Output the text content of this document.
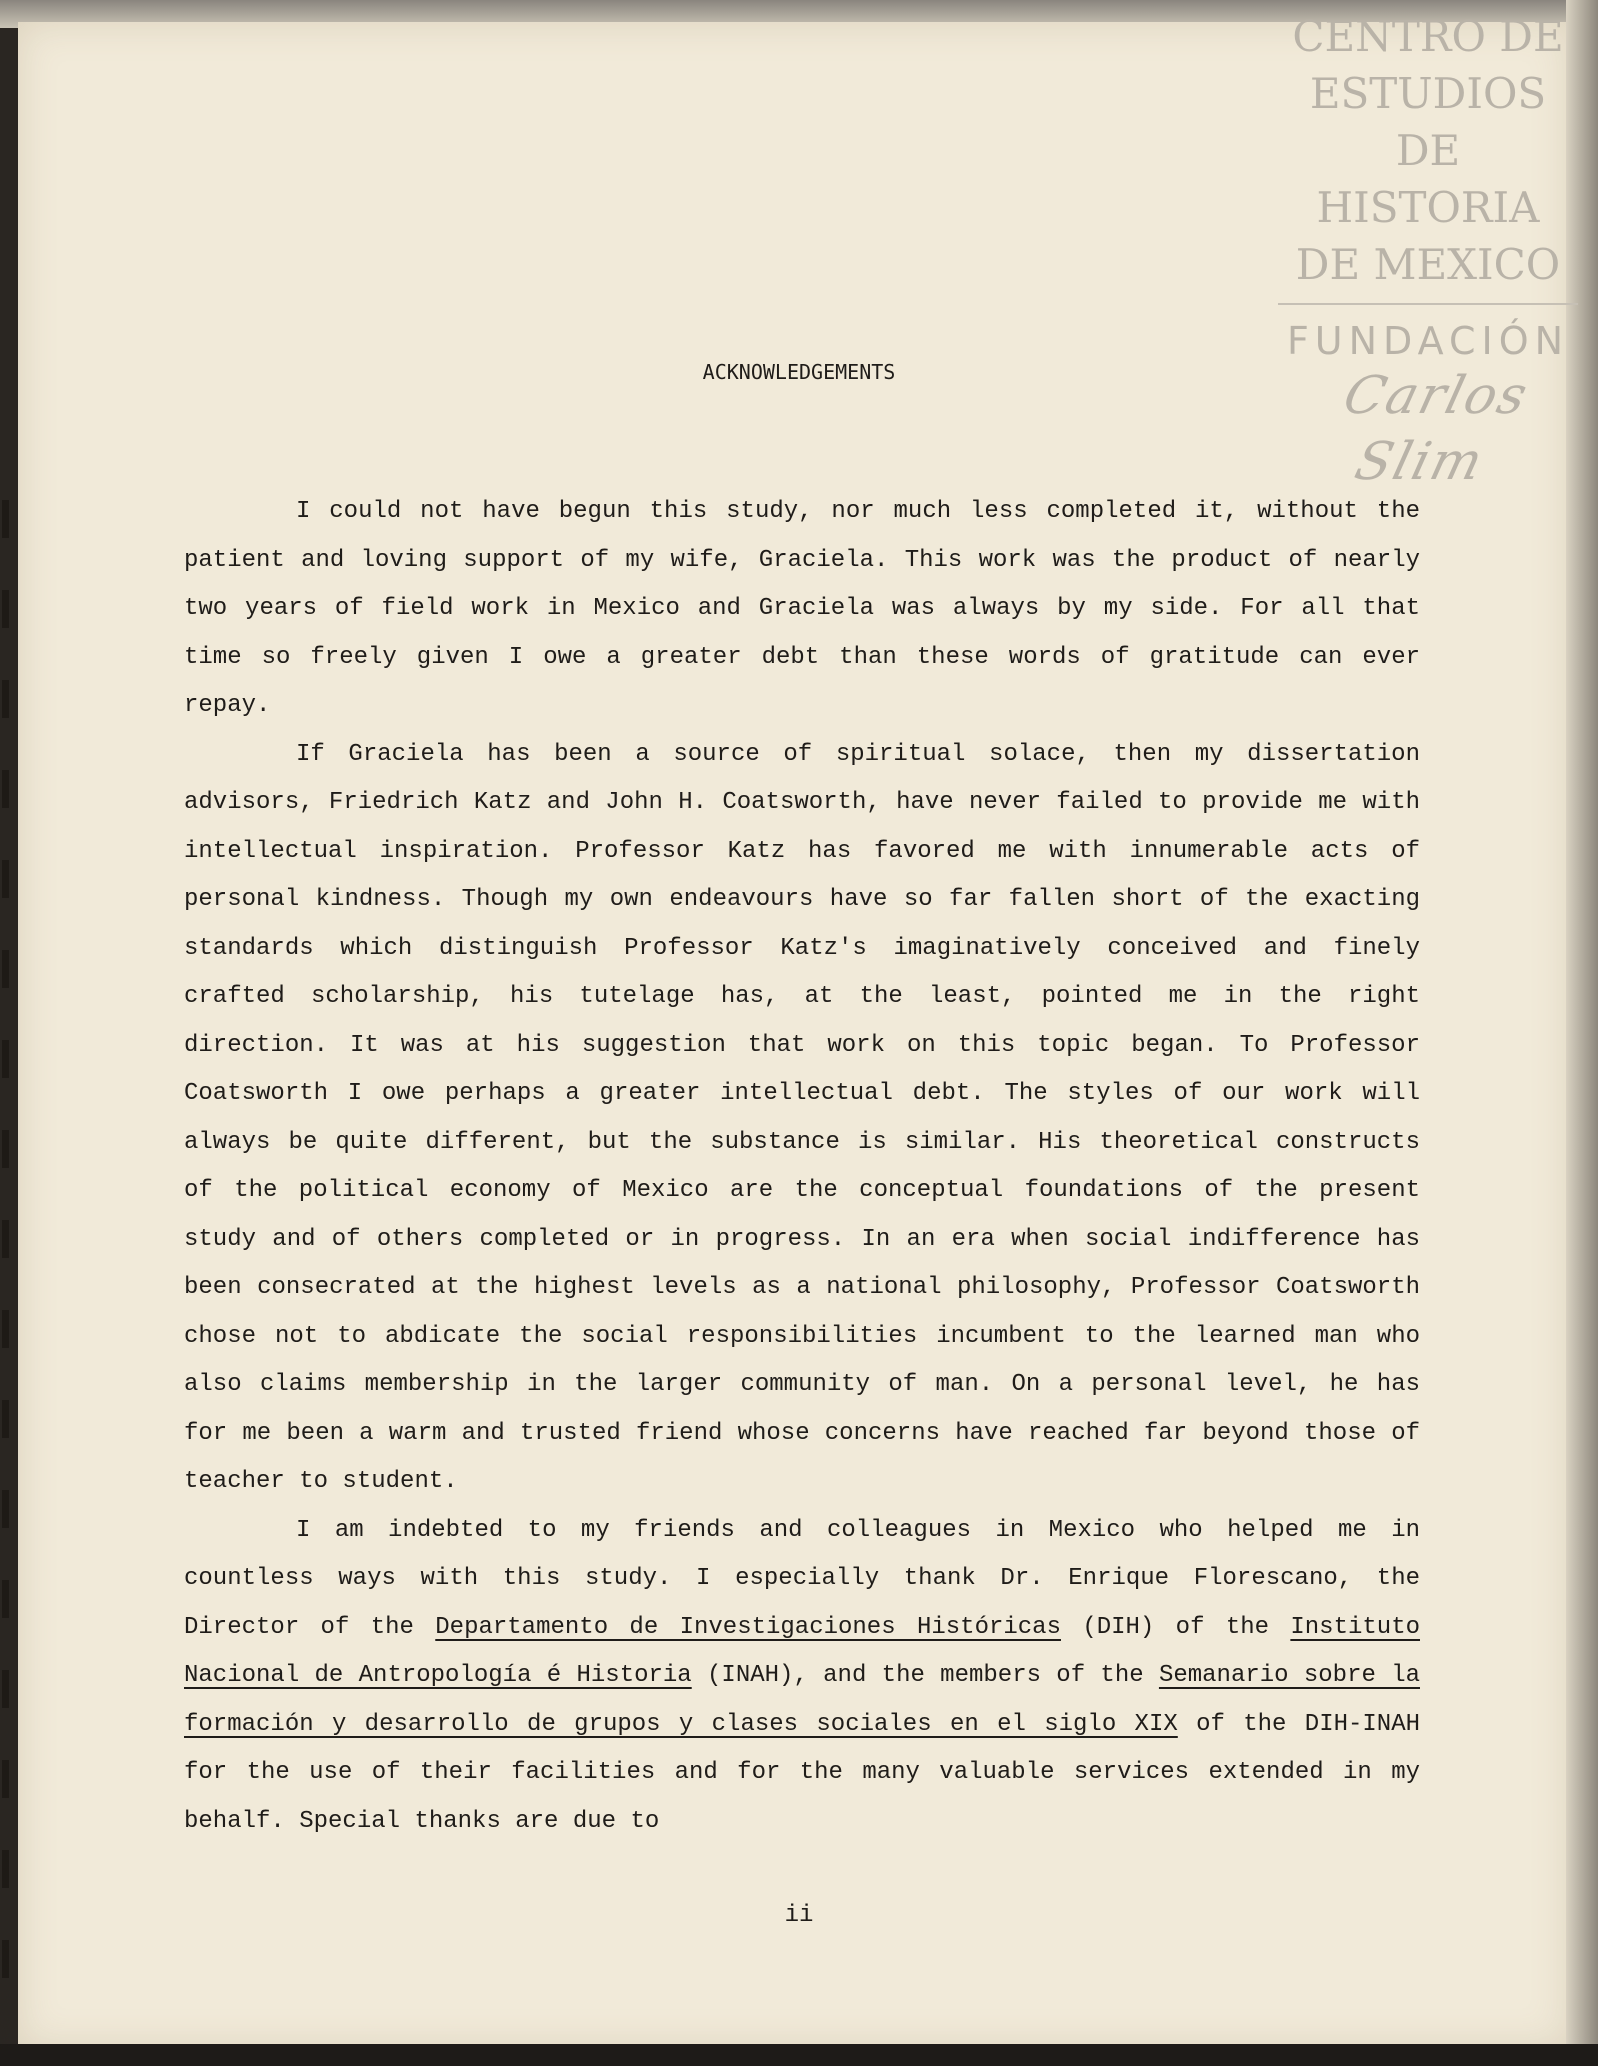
CENTRO DE
ESTUDIOS
DE HISTORIA
DE MEXICO
FUNDACIÓN
Carlos Slim
ACKNOWLEDGEMENTS

I could not have begun this study, nor much less completed it, without the patient and loving support of my wife, Graciela. This work was the product of nearly two years of field work in Mexico and Graciela was always by my side. For all that time so freely given I owe a greater debt than these words of gratitude can ever repay.

If Graciela has been a source of spiritual solace, then my dissertation advisors, Friedrich Katz and John H. Coatsworth, have never failed to provide me with intellectual inspiration. Professor Katz has favored me with innumerable acts of personal kindness. Though my own endeavours have so far fallen short of the exacting standards which distinguish Professor Katz's imaginatively conceived and finely crafted scholarship, his tutelage has, at the least, pointed me in the right direction. It was at his suggestion that work on this topic began. To Professor Coatsworth I owe perhaps a greater intellectual debt. The styles of our work will always be quite different, but the substance is similar. His theoretical constructs of the political economy of Mexico are the conceptual foundations of the present study and of others completed or in progress. In an era when social indifference has been consecrated at the highest levels as a national philosophy, Professor Coatsworth chose not to abdicate the social responsibilities incumbent to the learned man who also claims membership in the larger community of man. On a personal level, he has for me been a warm and trusted friend whose concerns have reached far beyond those of teacher to student.

I am indebted to my friends and colleagues in Mexico who helped me in countless ways with this study. I especially thank Dr. Enrique Florescano, the Director of the Departamento de Investigaciones Históricas (DIH) of the Instituto Nacional de Antropología é Historia (INAH), and the members of the Semanario sobre la formación y desarrollo de grupos y clases sociales en el siglo XIX of the DIH-INAH for the use of their facilities and for the many valuable services extended in my behalf. Special thanks are due to

ii
